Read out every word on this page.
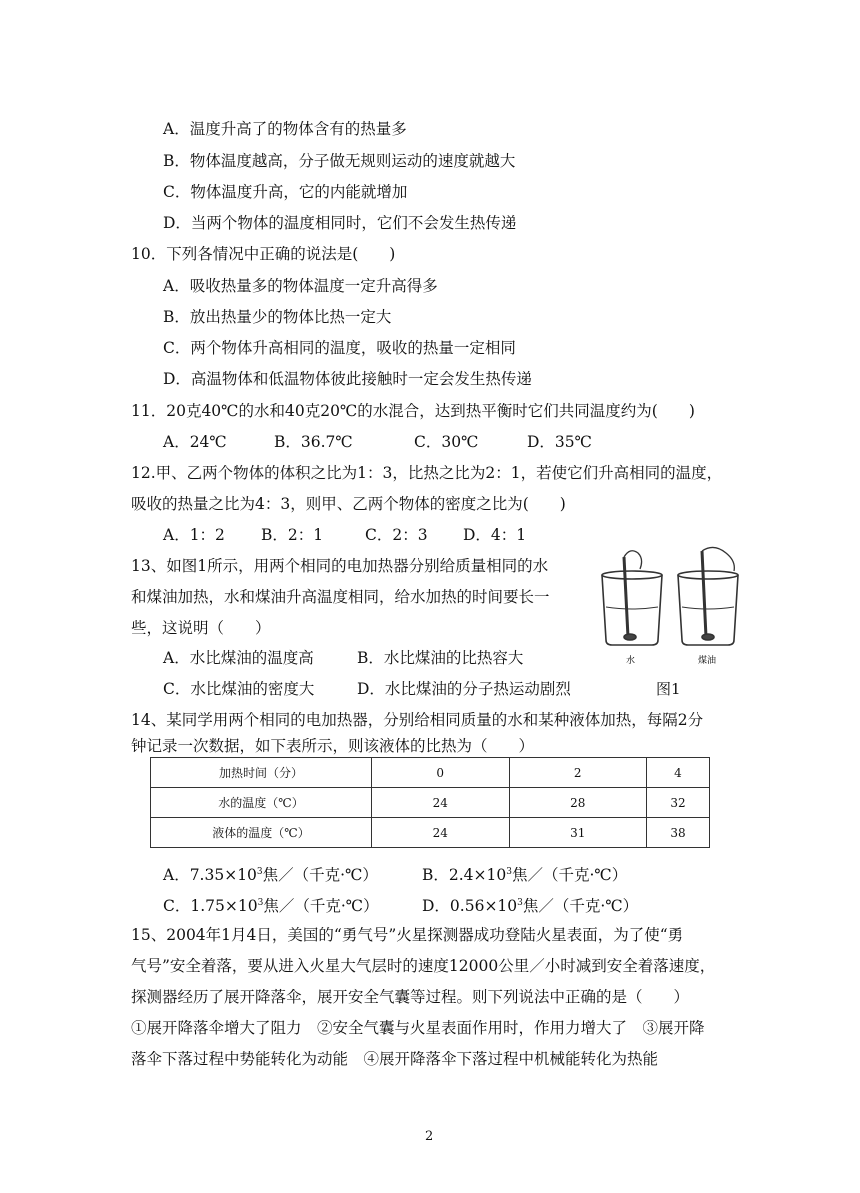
A．温度升高了的物体含有的热量多
B．物体温度越高，分子做无规则运动的速度就越大
C．物体温度升高，它的内能就增加
D．当两个物体的温度相同时，它们不会发生热传递
10．下列各情况中正确的说法是(　　)
A．吸收热量多的物体温度一定升高得多
B．放出热量少的物体比热一定大
C．两个物体升高相同的温度，吸收的热量一定相同
D．高温物体和低温物体彼此接触时一定会发生热传递
11．20克40℃的水和40克20℃的水混合，达到热平衡时它们共同温度约为(　　)
A．24℃	B．36.7℃	C．30℃	D．35℃
12.甲、乙两个物体的体积之比为1：3，比热之比为2：1，若使它们升高相同的温度，
吸收的热量之比为4：3，则甲、乙两个物体的密度之比为(　　)
A．1：2 B．2：1	C．2：3 D．4：1
13、如图1所示，用两个相同的电加热器分别给质量相同的水
和煤油加热，水和煤油升高温度相同，给水加热的时间要长一
些，这说明（　　）
A．水比煤油的温度高	B．水比煤油的比热容大
C．水比煤油的密度大	D．水比煤油的分子热运动剧烈
水	煤油
图1
14、某同学用两个相同的电加热器，分别给相同质量的水和某种液体加热，每隔2分
钟记录一次数据，如下表所示，则该液体的比热为（　　）
加热时间（分）	0	2	4
水的温度（℃）	24	28	32
液体的温度（℃）	24	31	38
A．$7.35\times 10^3$焦／（千克·℃）	B．$2.4\times 10^3$焦／（千克·℃）
C．$1.75\times 10^3$焦／（千克·℃）	D．$0.56\times 10^3$焦／（千克·℃）
15、2004年1月4日，美国的“勇气号”火星探测器成功登陆火星表面，为了使“勇
气号”安全着落，要从进入火星大气层时的速度12000公里／小时减到安全着落速度，
探测器经历了展开降落伞，展开安全气囊等过程。则下列说法中正确的是（　　）
①展开降落伞增大了阻力　②安全气囊与火星表面作用时，作用力增大了　③展开降
落伞下落过程中势能转化为动能　④展开降落伞下落过程中机械能转化为热能
2
